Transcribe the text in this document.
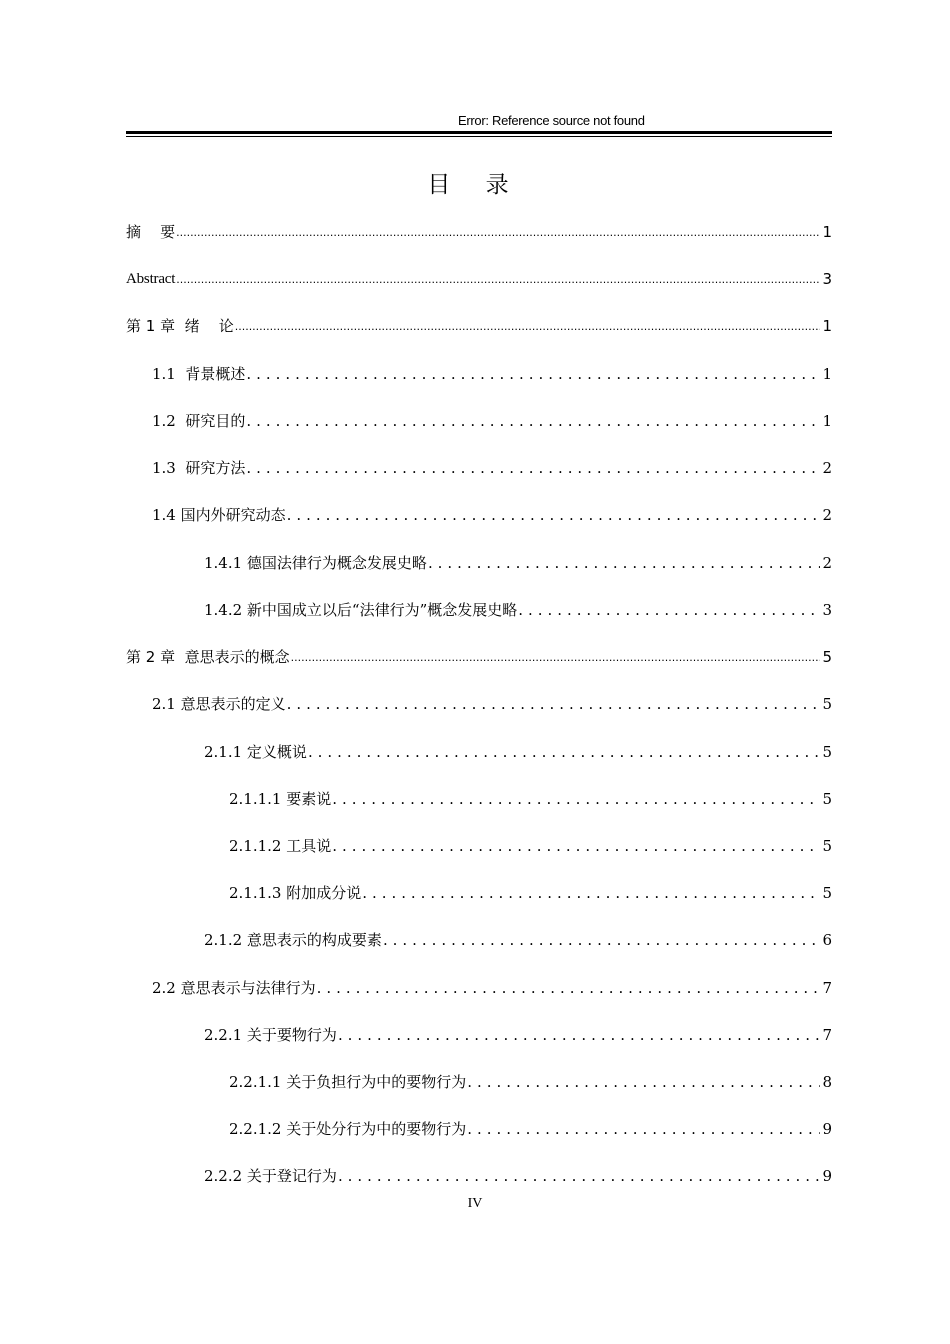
Error: Reference source not found
目 录
摘    要 .....	1
Abstract .....	3
第 1 章  绪    论 .....	1
1.1  背景概述 . . .	1
1.2  研究目的 . . .	1
1.3  研究方法 . . .	2
1.4 国内外研究动态 . . .	2
1.4.1 德国法律行为概念发展史略 . . .	2
1.4.2 新中国成立以后“法律行为”概念发展史略 . . .	3
第 2 章  意思表示的概念 .....	5
2.1 意思表示的定义 . . .	5
2.1.1 定义概说 . . .	5
2.1.1.1 要素说 . . .	5
2.1.1.2 工具说 . . .	5
2.1.1.3 附加成分说 . . .	5
2.1.2 意思表示的构成要素 . . .	6
2.2 意思表示与法律行为 . . .	7
2.2.1 关于要物行为 . . .	7
2.2.1.1 关于负担行为中的要物行为 . . .	8
2.2.1.2 关于处分行为中的要物行为 . . .	9
2.2.2 关于登记行为 . . .	9
IV
